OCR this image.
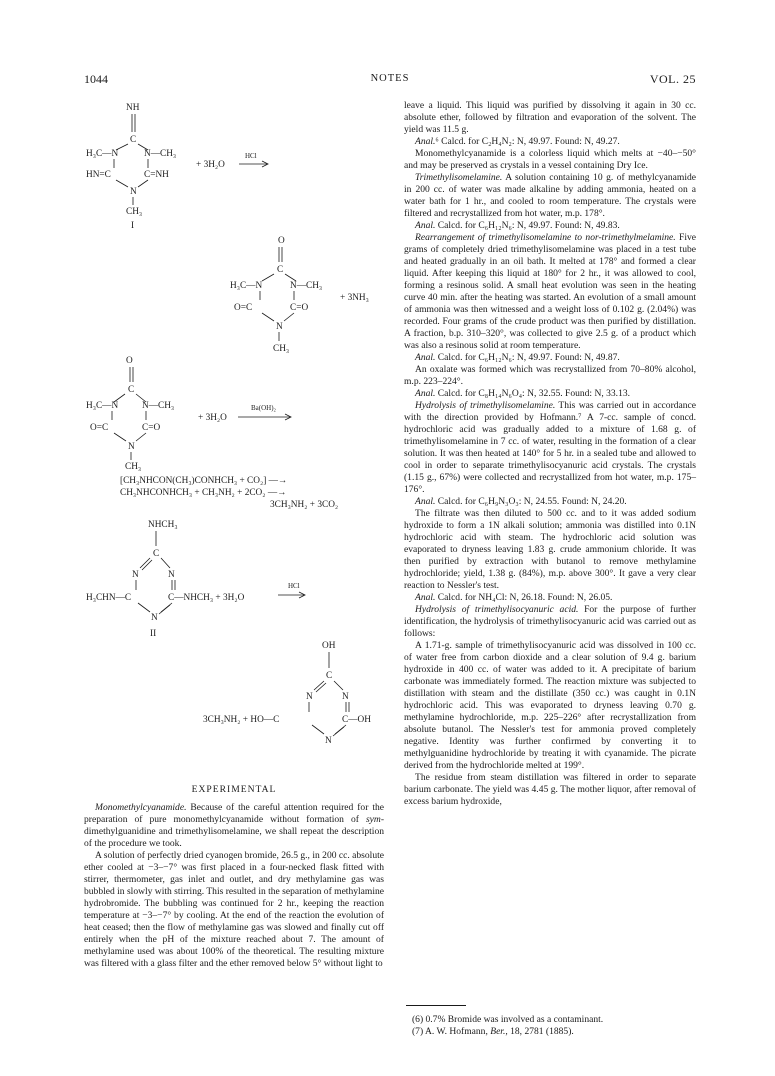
1044	NOTES	VOL. 25
NH
C
H₃C—N	N—CH₃
HN=C	C=NH
N
CH₃
I
+ 3H₂O
HCl
O
C
H₃C—N	N—CH₃
O=C	C=O
N
CH₃
+ 3NH₃
O
C
H₃C—N	N—CH₃
O=C	C=O
N
CH₃
+ 3H₂O
Ba(OH)₂
[CH₃NHCON(CH₃)CONHCH₃ + CO₂] —→
CH₃NHCONHCH₃ + CH₃NH₂ + 2CO₂ —→
3CH₃NH₂ + 3CO₂
NHCH₃
C
N	N
H₃CHN—C	C—NHCH₃ + 3H₂O
N
II
HCl
OH
C
N	N
3CH₃NH₂ + HO—C	C—OH
N
EXPERIMENTAL

Monomethylcyanamide. Because of the careful attention required for the preparation of pure monomethylcyanamide without formation of sym-dimethylguanidine and trimethylisomelamine, we shall repeat the description of the procedure we took.

A solution of perfectly dried cyanogen bromide, 26.5 g., in 200 cc. absolute ether cooled at −3–−7° was first placed in a four-necked flask fitted with stirrer, thermometer, gas inlet and outlet, and dry methylamine gas was bubbled in slowly with stirring. This resulted in the separation of methylamine hydrobromide. The bubbling was continued for 2 hr., keeping the reaction temperature at −3–−7° by cooling. At the end of the reaction the evolution of heat ceased; then the flow of methylamine gas was slowed and finally cut off entirely when the pH of the mixture reached about 7. The amount of methylamine used was about 100% of the theoretical. The resulting mixture was filtered with a glass filter and the ether removed below 5° without light to

leave a liquid. This liquid was purified by dissolving it again in 30 cc. absolute ether, followed by filtration and evaporation of the solvent. The yield was 11.5 g.

Anal.⁶ Calcd. for C₂H₄N₂: N, 49.97. Found: N, 49.27.

Monomethylcyanamide is a colorless liquid which melts at −40–−50° and may be preserved as crystals in a vessel containing Dry Ice.

Trimethylisomelamine. A solution containing 10 g. of methylcyanamide in 200 cc. of water was made alkaline by adding ammonia, heated on a water bath for 1 hr., and cooled to room temperature. The crystals were filtered and recrystallized from hot water, m.p. 178°.

Anal. Calcd. for C₆H₁₂N₆: N, 49.97. Found: N, 49.83.

Rearrangement of trimethylisomelamine to nor-trimethylmelamine. Five grams of completely dried trimethylisomelamine was placed in a test tube and heated gradually in an oil bath. It melted at 178° and formed a clear liquid. After keeping this liquid at 180° for 2 hr., it was allowed to cool, forming a resinous solid. A small heat evolution was seen in the heating curve 40 min. after the heating was started. An evolution of a small amount of ammonia was then witnessed and a weight loss of 0.102 g. (2.04%) was recorded. Four grams of the crude product was then purified by distillation. A fraction, b.p. 310–320°, was collected to give 2.5 g. of a product which was also a resinous solid at room temperature.

Anal. Calcd. for C₆H₁₂N₆: N, 49.97. Found: N, 49.87.

An oxalate was formed which was recrystallized from 70–80% alcohol, m.p. 223–224°.

Anal. Calcd. for C₈H₁₄N₆O₄: N, 32.55. Found: N, 33.13.

Hydrolysis of trimethylisomelamine. This was carried out in accordance with the direction provided by Hofmann.⁷ A 7-cc. sample of concd. hydrochloric acid was gradually added to a mixture of 1.68 g. of trimethylisomelamine in 7 cc. of water, resulting in the formation of a clear solution. It was then heated at 140° for 5 hr. in a sealed tube and allowed to cool in order to separate trimethylisocyanuric acid crystals. The crystals (1.15 g., 67%) were collected and recrystallized from hot water, m.p. 175–176°.

Anal. Calcd. for C₆H₉N₃O₃: N, 24.55. Found: N, 24.20.

The filtrate was then diluted to 500 cc. and to it was added sodium hydroxide to form a 1N alkali solution; ammonia was distilled into 0.1N hydrochloric acid with steam. The hydrochloric acid solution was evaporated to dryness leaving 1.83 g. crude ammonium chloride. It was then purified by extraction with butanol to remove methylamine hydrochloride; yield, 1.38 g. (84%), m.p. above 300°. It gave a very clear reaction to Nessler's test.

Anal. Calcd. for NH₄Cl: N, 26.18. Found: N, 26.05.

Hydrolysis of trimethylisocyanuric acid. For the purpose of further identification, the hydrolysis of trimethylisocyanuric acid was carried out as follows:

A 1.71-g. sample of trimethylisocyanuric acid was dissolved in 100 cc. of water free from carbon dioxide and a clear solution of 9.4 g. barium hydroxide in 400 cc. of water was added to it. A precipitate of barium carbonate was immediately formed. The reaction mixture was subjected to distillation with steam and the distillate (350 cc.) was caught in 0.1N hydrochloric acid. This was evaporated to dryness leaving 0.70 g. methylamine hydrochloride, m.p. 225–226° after recrystallization from absolute butanol. The Nessler's test for ammonia proved completely negative. Identity was further confirmed by converting it to methylguanidine hydrochloride by treating it with cyanamide. The picrate derived from the hydrochloride melted at 199°.

The residue from steam distillation was filtered in order to separate barium carbonate. The yield was 4.45 g. The mother liquor, after removal of excess barium hydroxide,

(6) 0.7% Bromide was involved as a contaminant.
(7) A. W. Hofmann, Ber., 18, 2781 (1885).
